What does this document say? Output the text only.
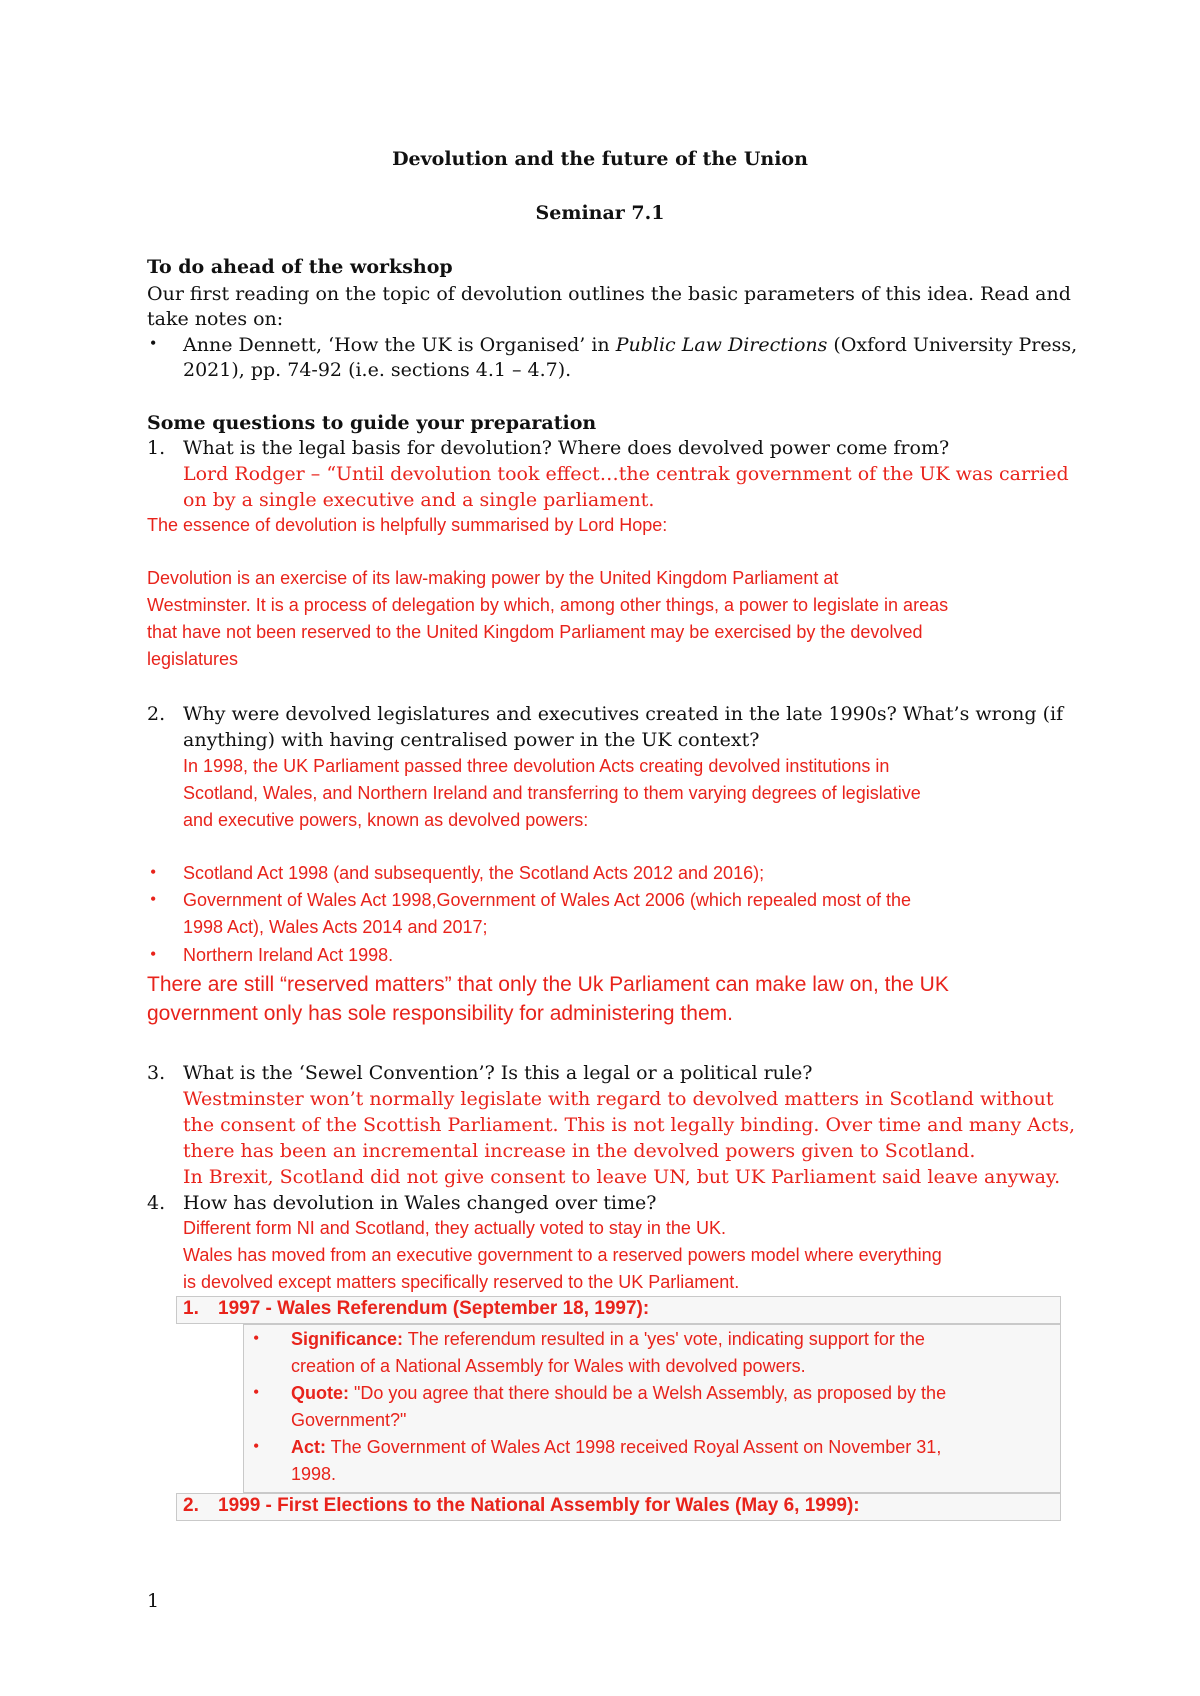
Devolution and the future of the Union
Seminar 7.1
To do ahead of the workshop
Our first reading on the topic of devolution outlines the basic parameters of this idea. Read and
take notes on:
• Anne Dennett, ‘How the UK is Organised’ in Public Law Directions (Oxford University Press,
2021), pp. 74-92 (i.e. sections 4.1 – 4.7).
Some questions to guide your preparation
1. What is the legal basis for devolution? Where does devolved power come from?
Lord Rodger – “Until devolution took effect…the centrak government of the UK was carried
on by a single executive and a single parliament.
The essence of devolution is helpfully summarised by Lord Hope:
Devolution is an exercise of its law-making power by the United Kingdom Parliament at
Westminster. It is a process of delegation by which, among other things, a power to legislate in areas
that have not been reserved to the United Kingdom Parliament may be exercised by the devolved
legislatures
2. Why were devolved legislatures and executives created in the late 1990s? What’s wrong (if
anything) with having centralised power in the UK context?
In 1998, the UK Parliament passed three devolution Acts creating devolved institutions in
Scotland, Wales, and Northern Ireland and transferring to them varying degrees of legislative
and executive powers, known as devolved powers:
• Scotland Act 1998 (and subsequently, the Scotland Acts 2012 and 2016);
• Government of Wales Act 1998,Government of Wales Act 2006 (which repealed most of the
1998 Act), Wales Acts 2014 and 2017;
• Northern Ireland Act 1998.
There are still “reserved matters” that only the Uk Parliament can make law on, the UK
government only has sole responsibility for administering them.
3. What is the ‘Sewel Convention’? Is this a legal or a political rule?
Westminster won’t normally legislate with regard to devolved matters in Scotland without
the consent of the Scottish Parliament. This is not legally binding. Over time and many Acts,
there has been an incremental increase in the devolved powers given to Scotland.
In Brexit, Scotland did not give consent to leave UN, but UK Parliament said leave anyway.
4. How has devolution in Wales changed over time?
Different form NI and Scotland, they actually voted to stay in the UK.
Wales has moved from an executive government to a reserved powers model where everything
is devolved except matters specifically reserved to the UK Parliament.
1. 1997 - Wales Referendum (September 18, 1997):
• Significance: The referendum resulted in a 'yes' vote, indicating support for the
creation of a National Assembly for Wales with devolved powers.
• Quote: "Do you agree that there should be a Welsh Assembly, as proposed by the
Government?"
• Act: The Government of Wales Act 1998 received Royal Assent on November 31,
1998.
2. 1999 - First Elections to the National Assembly for Wales (May 6, 1999):
1
